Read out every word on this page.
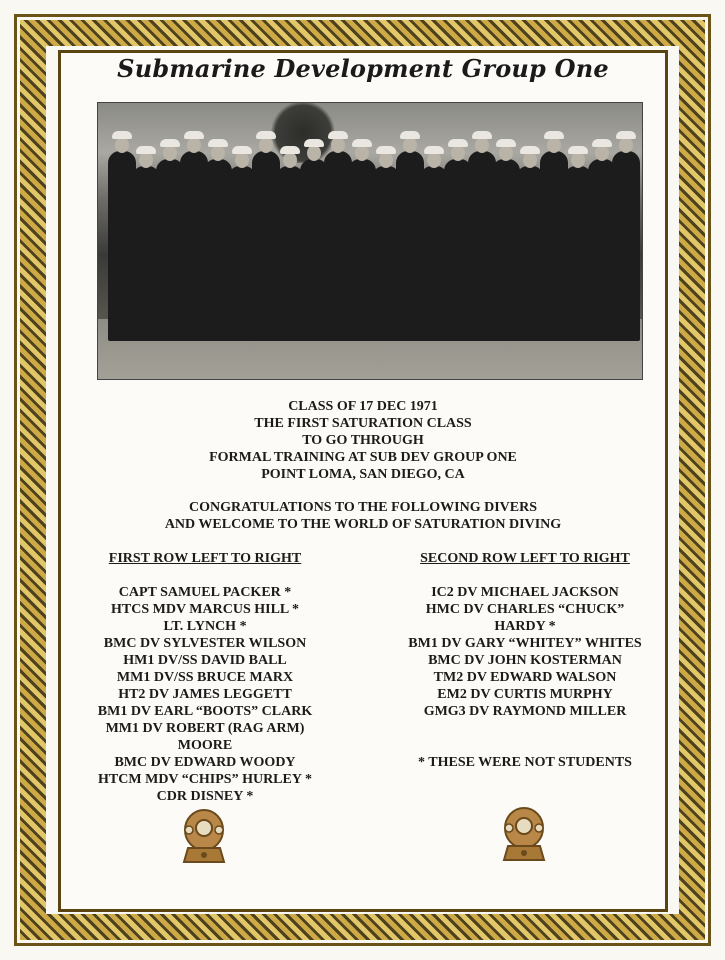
Submarine Development Group One
CLASS OF 17 DEC 1971
THE FIRST SATURATION CLASS
TO GO THROUGH
FORMAL TRAINING AT SUB DEV GROUP ONE
POINT LOMA, SAN DIEGO, CA
CONGRATULATIONS TO THE FOLLOWING DIVERS
AND WELCOME TO THE WORLD OF SATURATION DIVING
FIRST ROW LEFT TO RIGHT
CAPT SAMUEL PACKER *
HTCS MDV MARCUS HILL *
LT. LYNCH *
BMC DV SYLVESTER WILSON
HM1 DV/SS DAVID BALL
MM1 DV/SS BRUCE MARX
HT2 DV JAMES LEGGETT
BM1 DV EARL “BOOTS” CLARK
MM1 DV ROBERT (RAG ARM)
MOORE
BMC DV EDWARD WOODY
HTCM MDV “CHIPS” HURLEY *
CDR DISNEY *
SECOND ROW LEFT TO RIGHT
IC2 DV MICHAEL JACKSON
HMC DV CHARLES “CHUCK”
HARDY *
BM1 DV GARY “WHITEY” WHITES
BMC DV JOHN KOSTERMAN
TM2 DV EDWARD WALSON
EM2 DV CURTIS MURPHY
GMG3 DV RAYMOND MILLER
* THESE WERE NOT STUDENTS
